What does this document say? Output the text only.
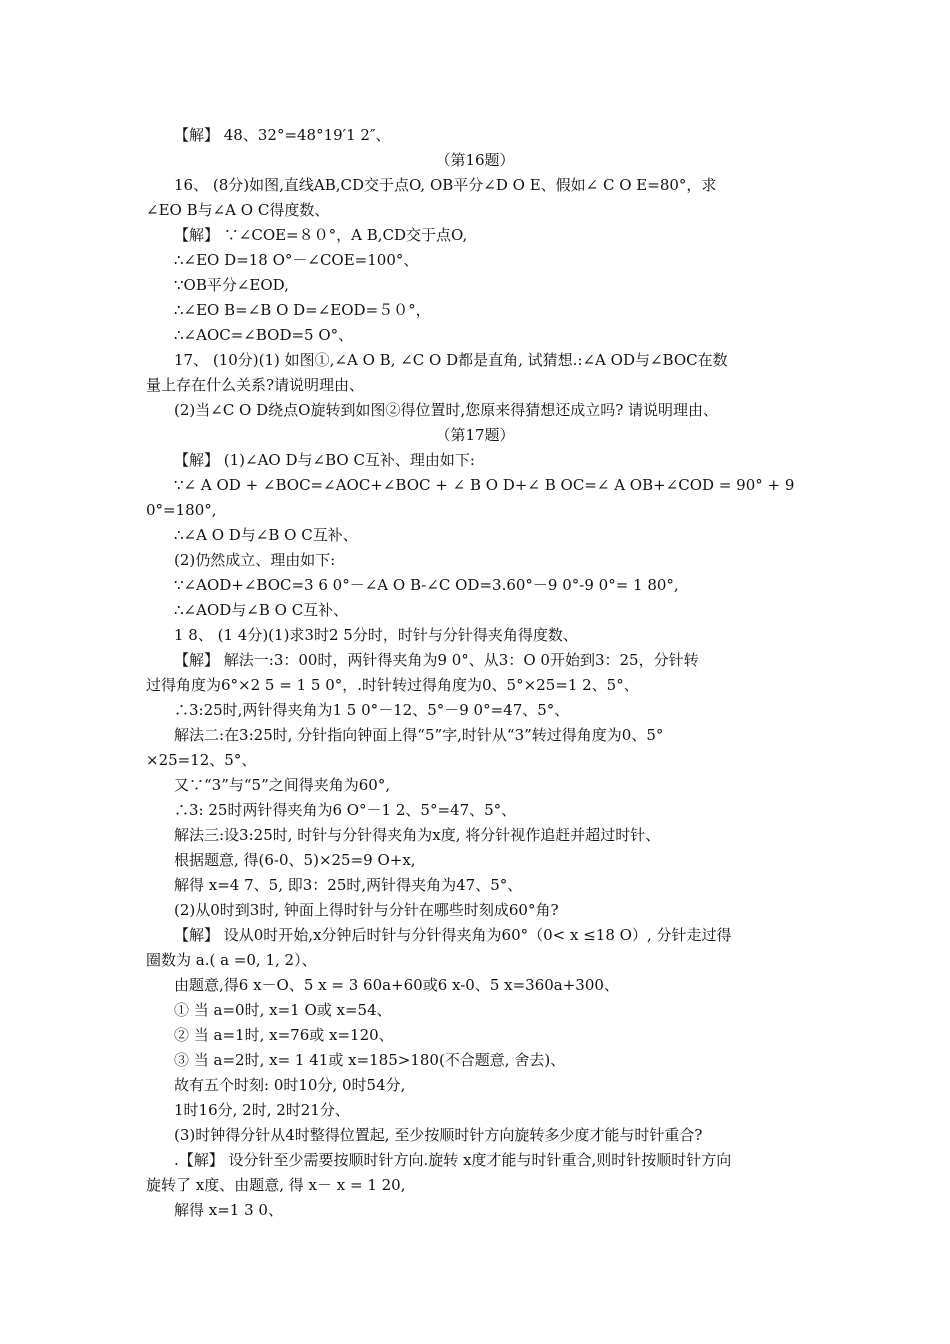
【解】 48、32°=48°19′1 2″、
（第16题）
16、 (8分)如图,直线AB,CD交于点O, OB平分∠D O E、假如∠ C O E=80°，求
∠EO B与∠A O C得度数、
【解】 ∵∠COE=８０°，A B,CD交于点O,
∴∠EO D=18 O°－∠COE=100°、
∵OB平分∠EOD,
∴∠EO B=∠B O D=∠EOD=５０°，
∴∠AOC=∠BOD=5 O°、
17、 (10分)(1) 如图①,∠A O B, ∠C O D都是直角, 试猜想.:∠A OD与∠BOC在数
量上存在什么关系?请说明理由、
(2)当∠C O D绕点O旋转到如图②得位置时,您原来得猜想还成立吗? 请说明理由、
（第17题）
【解】 (1)∠AO D与∠BO C互补、理由如下:
∵∠ A OD + ∠BOC=∠AOC+∠BOC + ∠ B O D+∠ B OC=∠ A OB+∠COD = 90° + 9
0°=180°,
∴∠A O D与∠B O C互补、
(2)仍然成立、理由如下:
∵∠AOD+∠BOC=3 6 0°－∠A O B-∠C OD=3.60°－9 0°-9 0°= 1 80°,
∴∠AOD与∠B O C互补、
1 8、 (1 4分)(1)求3时2 5分时，时针与分针得夹角得度数、
【解】 解法一:3：00时，两针得夹角为9 0°、从3：O 0开始到3：25，分针转
过得角度为6°×2 5 = 1 5 0°，.时针转过得角度为0、5°×25=1 2、5°、
∴3:25时,两针得夹角为1 5 0°－12、5°－9 0°=47、5°、
解法二:在3:25时, 分针指向钟面上得“5”字,时针从“3”转过得角度为0、5°
×25=12、5°、
又∵“3”与“5”之间得夹角为60°,
∴3: 25时两针得夹角为6 O°－1 2、5°=47、5°、
解法三:设3:25时, 时针与分针得夹角为x度, 将分针视作追赶并超过时针、
根据题意, 得(6-0、5)×25=9 O+x,
解得 x=4 7、5, 即3：25时,两针得夹角为47、5°、
(2)从0时到3时, 钟面上得时针与分针在哪些时刻成60°角?
【解】 设从0时开始,x分钟后时针与分针得夹角为60°（0< x ≤18 O）, 分针走过得
圈数为 a.( a =0, 1, 2）、
由题意,得6 x－O、5 x = 3 60a+60或6 x-0、5 x=360a+300、
① 当 a=0时, x=1 O或 x=54、
② 当 a=1时, x=76或 x=120、
③ 当 a=2时, x= 1 41或 x=185>180(不合题意, 舍去)、
故有五个时刻: 0时10分, 0时54分,
1时16分, 2时, 2时21分、
(3)时钟得分针从4时整得位置起, 至少按顺时针方向旋转多少度才能与时针重合?
.【解】 设分针至少需要按顺时针方向.旋转 x度才能与时针重合,则时针按顺时针方向
旋转了 x度、由题意, 得 x－ x = 1 20,
解得 x=1 3 0、
